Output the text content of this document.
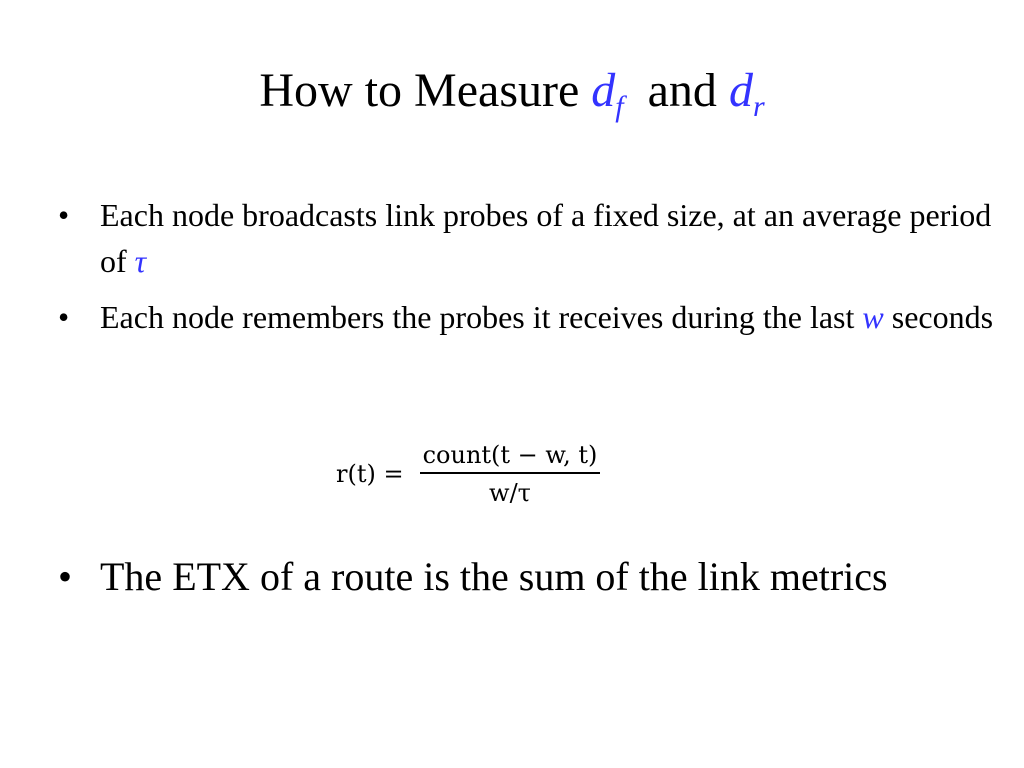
How to Measure $d_f$ and $d_r$
• Each node broadcasts link probes of a fixed size, at an average period of τ
• Each node remembers the probes it receives during the last w seconds
r(t) =
count(t − w, t)
w/τ
• The ETX of a route is the sum of the link metrics
